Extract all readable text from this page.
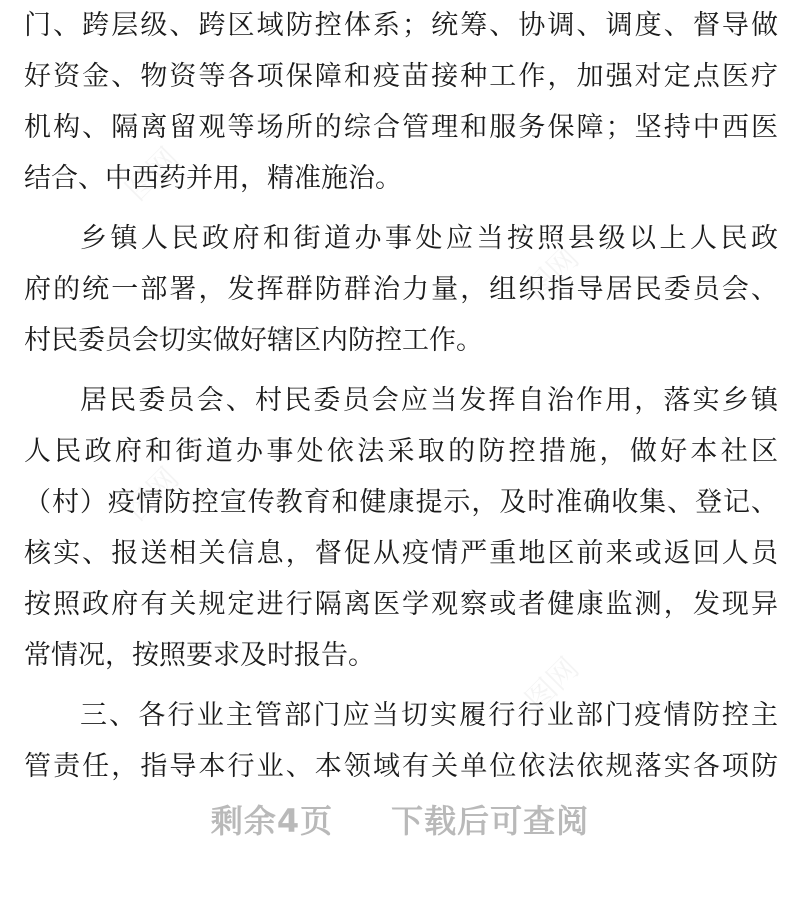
门、跨层级、跨区域防控体系；统筹、协调、调度、督导做
好资金、物资等各项保障和疫苗接种工作，加强对定点医疗
机构、隔离留观等场所的综合管理和服务保障；坚持中西医
结合、中西药并用，精准施治。
乡镇人民政府和街道办事处应当按照县级以上人民政
府的统一部署，发挥群防群治力量，组织指导居民委员会、
村民委员会切实做好辖区内防控工作。
居民委员会、村民委员会应当发挥自治作用，落实乡镇
人民政府和街道办事处依法采取的防控措施，做好本社区
（村）疫情防控宣传教育和健康提示，及时准确收集、登记、
核实、报送相关信息，督促从疫情严重地区前来或返回人员
按照政府有关规定进行隔离医学观察或者健康监测，发现异
常情况，按照要求及时报告。
三、各行业主管部门应当切实履行行业部门疫情防控主
管责任，指导本行业、本领域有关单位依法依规落实各项防
剩余4页 下载后可查阅
